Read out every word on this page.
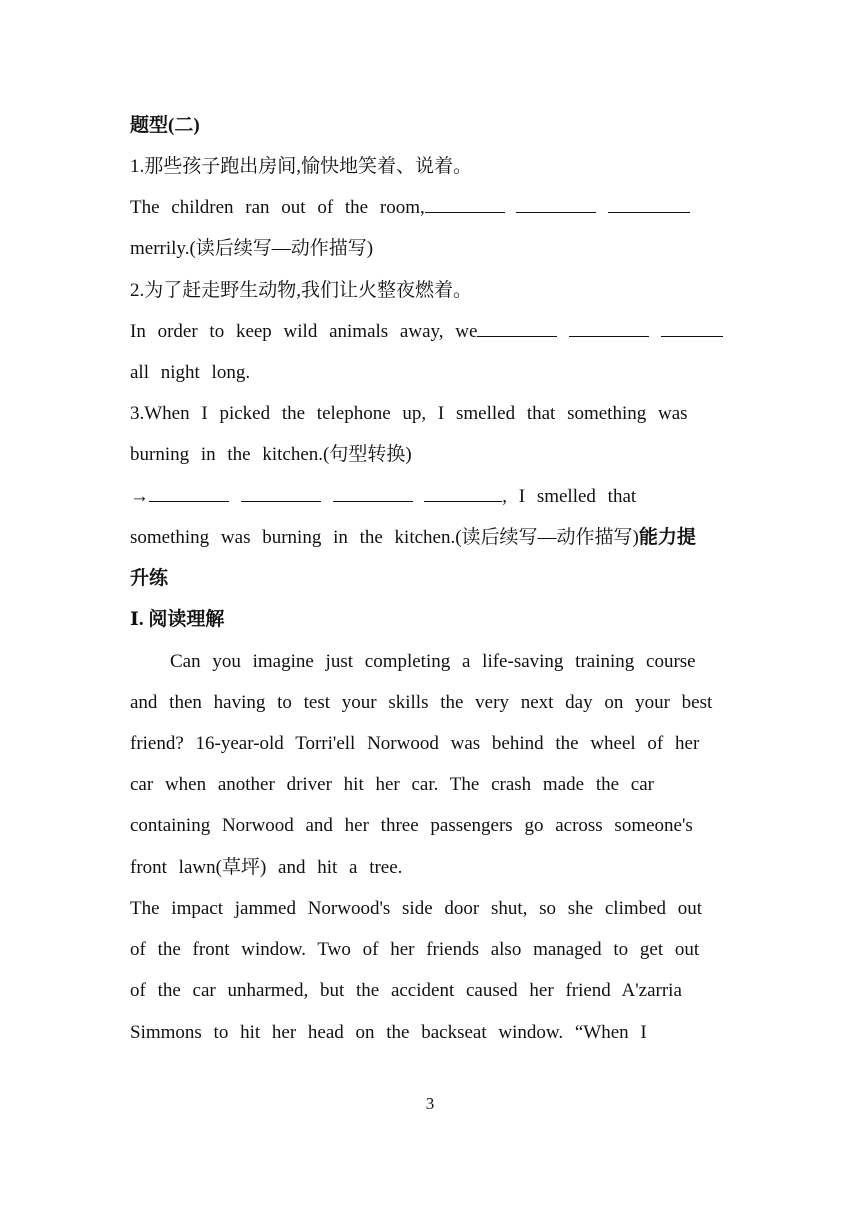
题型(二)
1.那些孩子跑出房间,愉快地笑着、说着。
The children ran out of the room,
merrily.(读后续写—动作描写)
2.为了赶走野生动物,我们让火整夜燃着。
In order to keep wild animals away, we
all night long.
3.When I picked the telephone up, I smelled that something was
burning in the kitchen.(句型转换)
→	, I smelled that
something was burning in the kitchen.(读后续写—动作描写)能力提
升练
Ⅰ. 阅读理解
Can you imagine just completing a life-saving training course
and then having to test your skills the very next day on your best
friend? 16-year-old Torri'ell Norwood was behind the wheel of her
car when another driver hit her car. The crash made the car
containing Norwood and her three passengers go across someone's
front lawn(草坪) and hit a tree.
The impact jammed Norwood's side door shut, so she climbed out
of the front window. Two of her friends also managed to get out
of the car unharmed, but the accident caused her friend A'zarria
Simmons to hit her head on the backseat window. “When I
3
